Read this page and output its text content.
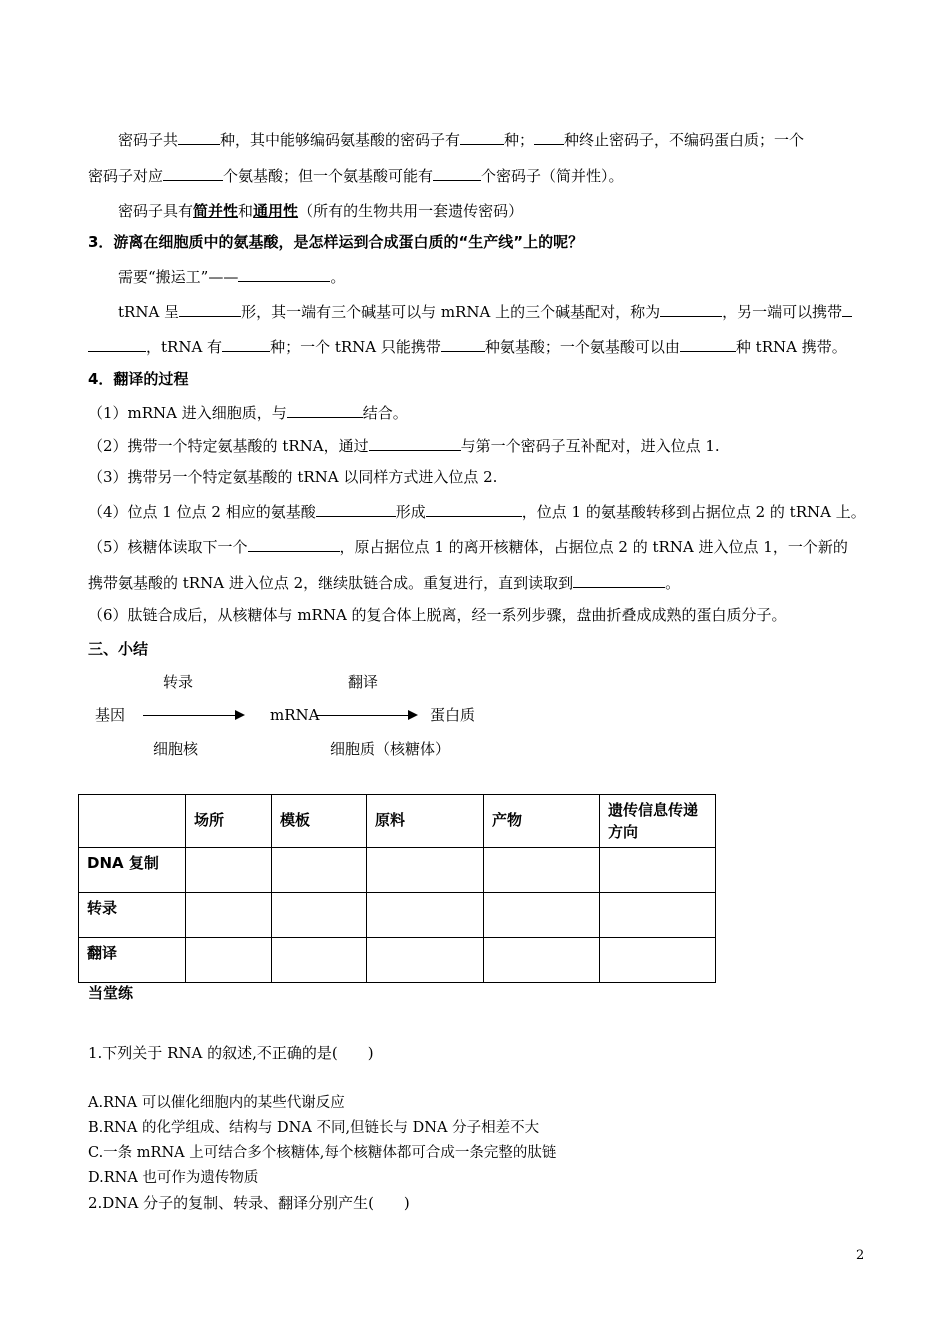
密码子共	种，其中能够编码氨基酸的密码子有	种； 种终止密码子，不编码蛋白质；一个
密码子对应	个氨基酸；但一个氨基酸可能有	个密码子（简并性）。
密码子具有简并性和通用性（所有的生物共用一套遗传密码）
3．游离在细胞质中的氨基酸，是怎样运到合成蛋白质的“生产线”上的呢？
需要“搬运工”——	。
tRNA 呈	形，其一端有三个碱基可以与 mRNA 上的三个碱基配对，称为	，另一端可以携带
，tRNA 有	种；一个 tRNA 只能携带	种氨基酸；一个氨基酸可以由	种 tRNA 携带。
4．翻译的过程
（1）mRNA 进入细胞质，与	结合。
（2）携带一个特定氨基酸的 tRNA，通过	与第一个密码子互补配对，进入位点 1.
（3）携带另一个特定氨基酸的 tRNA 以同样方式进入位点 2.
（4）位点 1 位点 2 相应的氨基酸	形成	，位点 1 的氨基酸转移到占据位点 2 的 tRNA 上。
（5）核糖体读取下一个	，原占据位点 1 的离开核糖体，占据位点 2 的 tRNA 进入位点 1，一个新的
携带氨基酸的 tRNA 进入位点 2，继续肽链合成。重复进行，直到读取到	。
（6）肽链合成后，从核糖体与 mRNA 的复合体上脱离，经一系列步骤，盘曲折叠成成熟的蛋白质分子。
三、小结
转录	翻译
基因	mRNA	蛋白质
细胞核	细胞质（核糖体）
	场所	模板	原料	产物	遗传信息传递方向
DNA 复制					
转录					
翻译					
当堂练
1.下列关于 RNA 的叙述,不正确的是(　　)
A.RNA 可以催化细胞内的某些代谢反应
B.RNA 的化学组成、结构与 DNA 不同,但链长与 DNA 分子相差不大
C.一条 mRNA 上可结合多个核糖体,每个核糖体都可合成一条完整的肽链
D.RNA 也可作为遗传物质
2.DNA 分子的复制、转录、翻译分别产生(　　)
2
